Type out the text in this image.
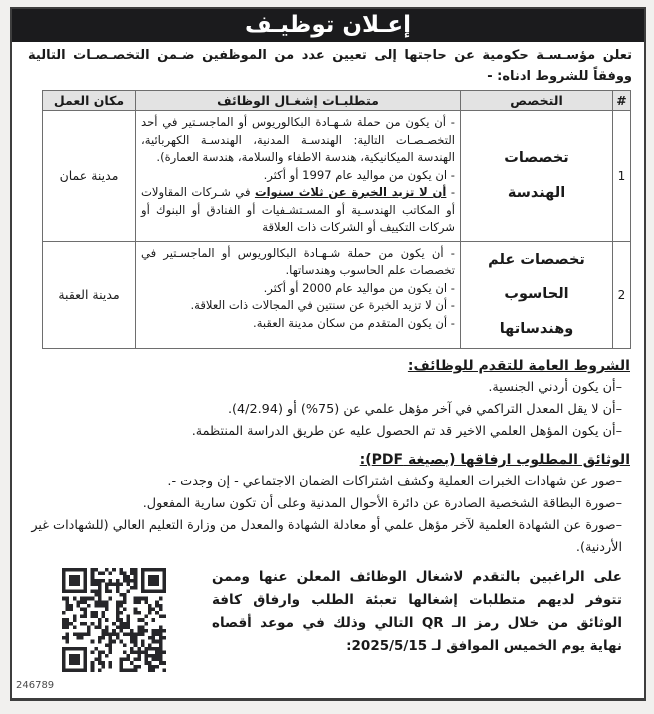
إعـلان توظيـف

تعلن مؤسـسـة حكومية عن حاجتها إلى تعيين عدد من الموظفين ضـمن التخصـصـات التالية ووفقاً للشروط ادناه: -

#	التخصص	متطلبـات إشغـال الوظائف	مكان العمل
1	تخصصات الهندسة	- أن يكون من حملة شـهـادة البكالوريوس أو الماجسـتير في أحد التخصـصـات التالية: الهندسـة المدنية، الهندسـة الكهربائية، الهندسة الميكانيكية، هندسة الاطفاء والسلامة، هندسة العمارة).
- ان يكون من مواليد عام 1997 أو أكثر.
- أن لا تزيد الخبرة عن ثلاث سنوات في شـركات المقاولات أو المكاتب الهندسـية أو المسـتشـفيات أو الفنادق أو البنوك أو شركات التكييف أو الشركات ذات العلاقة	مدينة عمان
2	تخصصات علم الحاسوب وهندساتها	- أن يكون من حملة شـهـادة البكالوريوس أو الماجسـتير في تخصصات علم الحاسوب وهندساتها.
- ان يكون من مواليد عام 2000 أو أكثر.
- أن لا تزيد الخبرة عن سنتين في المجالات ذات العلاقة.
- أن يكون المتقدم من سكان مدينة العقبة.	مدينة العقبة
الشروط العامة للتقدم للوظائف:
–أن يكون أردني الجنسية.
–أن لا يقل المعدل التراكمي في آخر مؤهل علمي عن (75%) أو (4/2.94).
–أن يكون المؤهل العلمي الاخير قد تم الحصول عليه عن طريق الدراسة المنتظمة.
الوثائق المطلوب ارفاقها (بصيغة PDF):
–صور عن شهادات الخبرات العملية وكشف اشتراكات الضمان الاجتماعي - إن وجدت -.
–صورة البطاقة الشخصية الصادرة عن دائرة الأحوال المدنية وعلى أن تكون سارية المفعول.
–صورة عن الشهادة العلمية لآخر مؤهل علمي أو معادلة الشهادة والمعدل من وزارة التعليم العالي (للشهادات غير الأردنية).
على الراغبين بالتقدم لاشغال الوظائف المعلن عنها وممن تتوفر لديهم متطلبات إشغالها تعبئة الطلب وارفاق كافة الوثائق من خلال رمز الـ QR التالي وذلك في موعد أقصاه نهاية يوم الخميس الموافق لـ 2025/5/15:
246789
